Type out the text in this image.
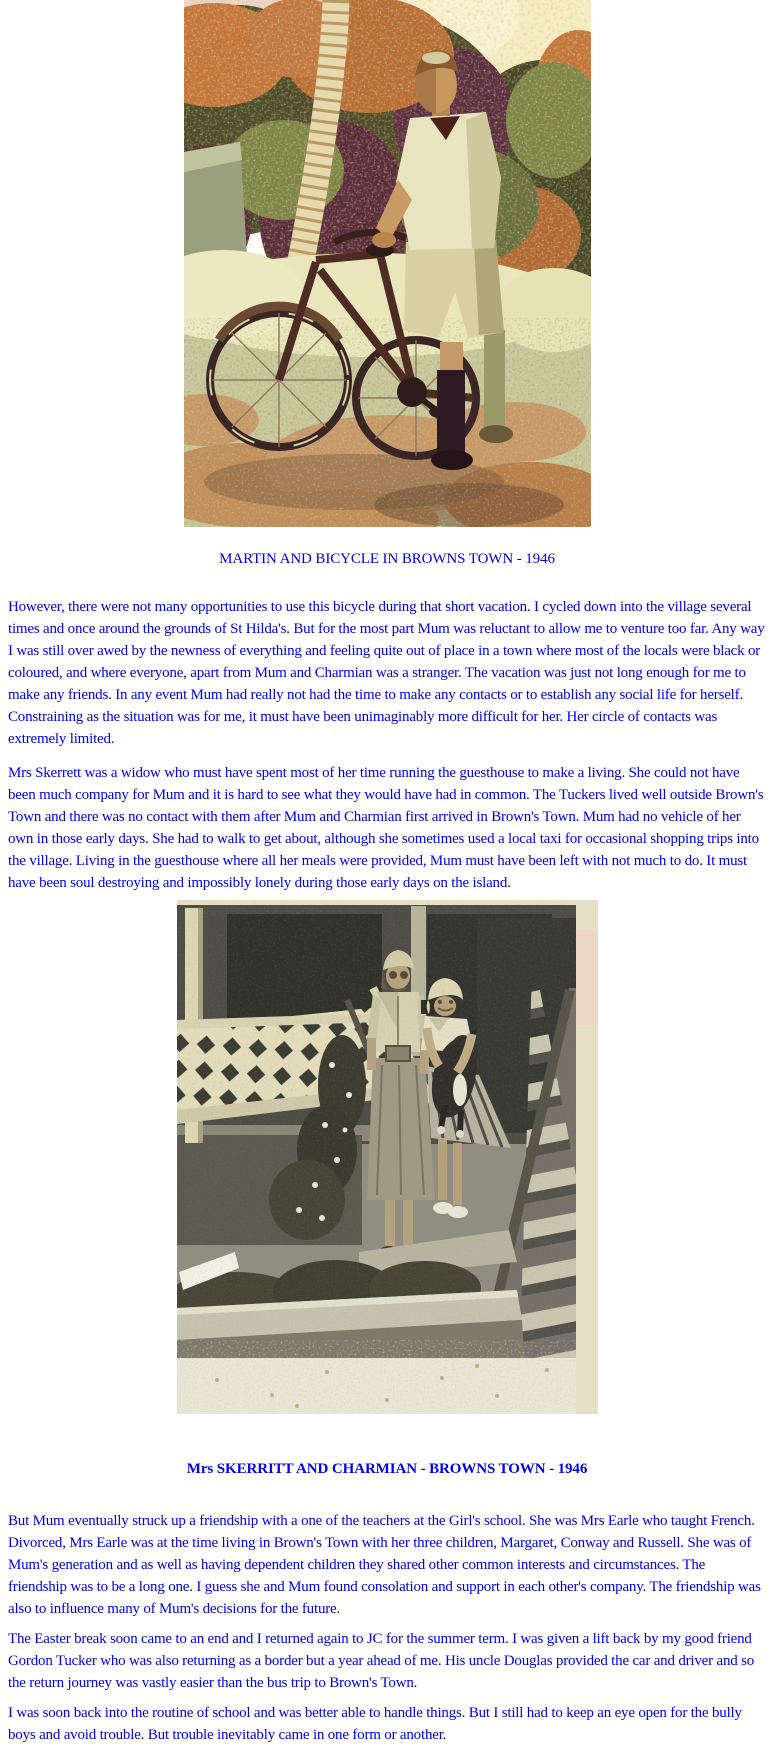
MARTIN AND BICYCLE IN BROWNS TOWN - 1946

However, there were not many opportunities to use this bicycle during that short vacation. I cycled down into the village several times and once around the grounds of St Hilda's. But for the most part Mum was reluctant to allow me to venture too far. Any way I was still over awed by the newness of everything and feeling quite out of place in a town where most of the locals were black or coloured, and where everyone, apart from Mum and Charmian was a stranger. The vacation was just not long enough for me to make any friends. In any event Mum had really not had the time to make any contacts or to establish any social life for herself. Constraining as the situation was for me, it must have been unimaginably more difficult for her. Her circle of contacts was extremely limited.

Mrs Skerrett was a widow who must have spent most of her time running the guesthouse to make a living. She could not have been much company for Mum and it is hard to see what they would have had in common. The Tuckers lived well outside Brown's Town and there was no contact with them after Mum and Charmian first arrived in Brown's Town. Mum had no vehicle of her own in those early days. She had to walk to get about, although she sometimes used a local taxi for occasional shopping trips into the village. Living in the guesthouse where all her meals were provided, Mum must have been left with not much to do. It must have been soul destroying and impossibly lonely during those early days on the island.

Mrs SKERRITT AND CHARMIAN - BROWNS TOWN - 1946

But Mum eventually struck up a friendship with a one of the teachers at the Girl's school. She was Mrs Earle who taught French. Divorced, Mrs Earle was at the time living in Brown's Town with her three children, Margaret, Conway and Russell. She was of Mum's generation and as well as having dependent children they shared other common interests and circumstances. The friendship was to be a long one. I guess she and Mum found consolation and support in each other's company. The friendship was also to influence many of Mum's decisions for the future.

The Easter break soon came to an end and I returned again to JC for the summer term. I was given a lift back by my good friend Gordon Tucker who was also returning as a border but a year ahead of me. His uncle Douglas provided the car and driver and so the return journey was vastly easier than the bus trip to Brown's Town.

I was soon back into the routine of school and was better able to handle things. But I still had to keep an eye open for the bully boys and avoid trouble. But trouble inevitably came in one form or another.
